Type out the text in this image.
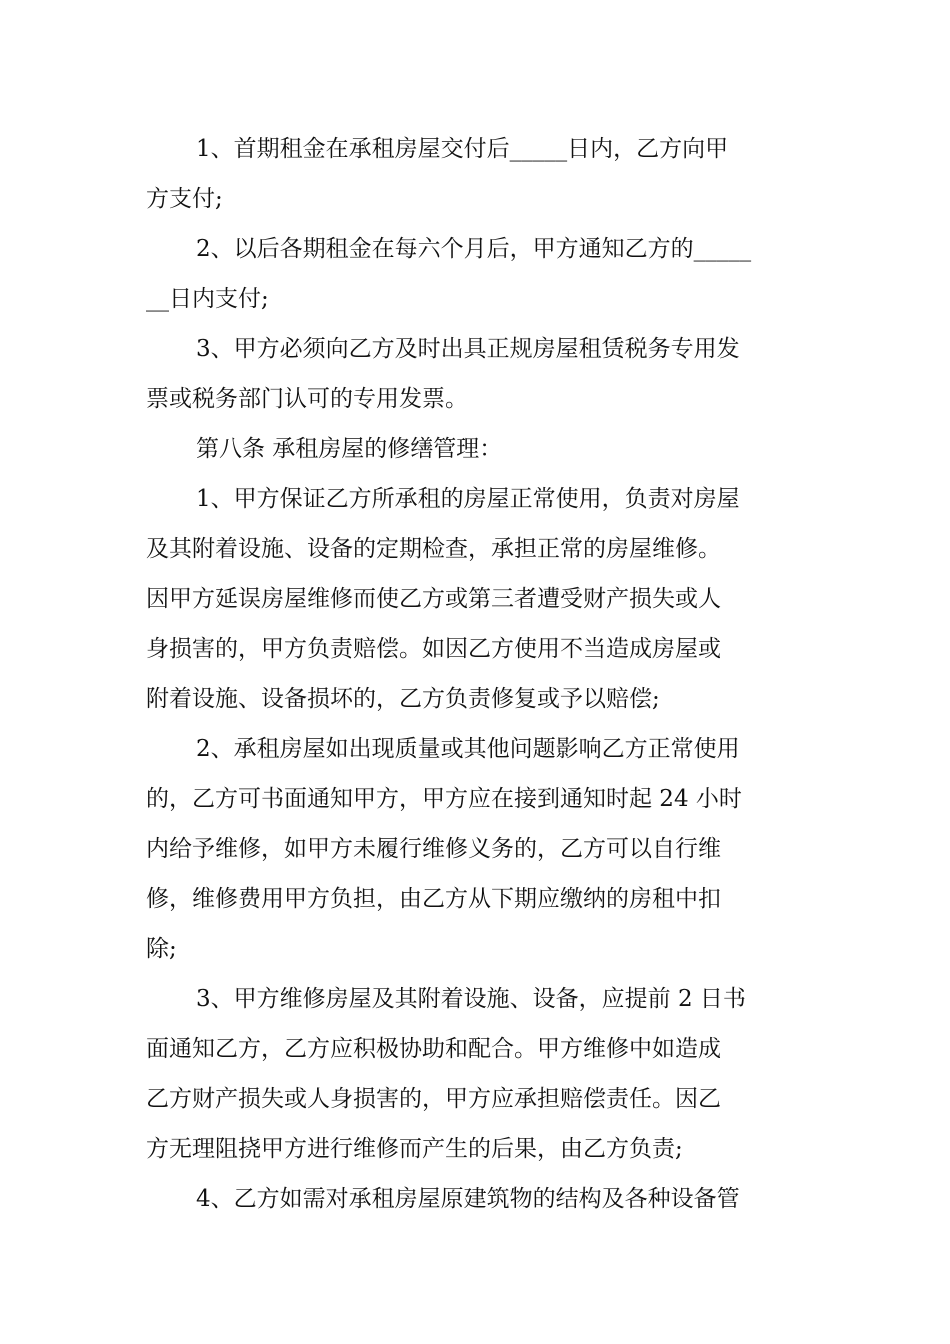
1、首期租金在承租房屋交付后_____日内，乙方向甲
方支付;
2、以后各期租金在每六个月后，甲方通知乙方的_____
__日内支付;
3、甲方必须向乙方及时出具正规房屋租赁税务专用发
票或税务部门认可的专用发票。
第八条 承租房屋的修缮管理：
1、甲方保证乙方所承租的房屋正常使用，负责对房屋
及其附着设施、设备的定期检查，承担正常的房屋维修。
因甲方延误房屋维修而使乙方或第三者遭受财产损失或人
身损害的，甲方负责赔偿。如因乙方使用不当造成房屋或
附着设施、设备损坏的，乙方负责修复或予以赔偿;
2、承租房屋如出现质量或其他问题影响乙方正常使用
的，乙方可书面通知甲方，甲方应在接到通知时起 24 小时
内给予维修，如甲方未履行维修义务的，乙方可以自行维
修，维修费用甲方负担，由乙方从下期应缴纳的房租中扣
除;
3、甲方维修房屋及其附着设施、设备，应提前 2 日书
面通知乙方，乙方应积极协助和配合。甲方维修中如造成
乙方财产损失或人身损害的，甲方应承担赔偿责任。因乙
方无理阻挠甲方进行维修而产生的后果，由乙方负责;
4、乙方如需对承租房屋原建筑物的结构及各种设备管
